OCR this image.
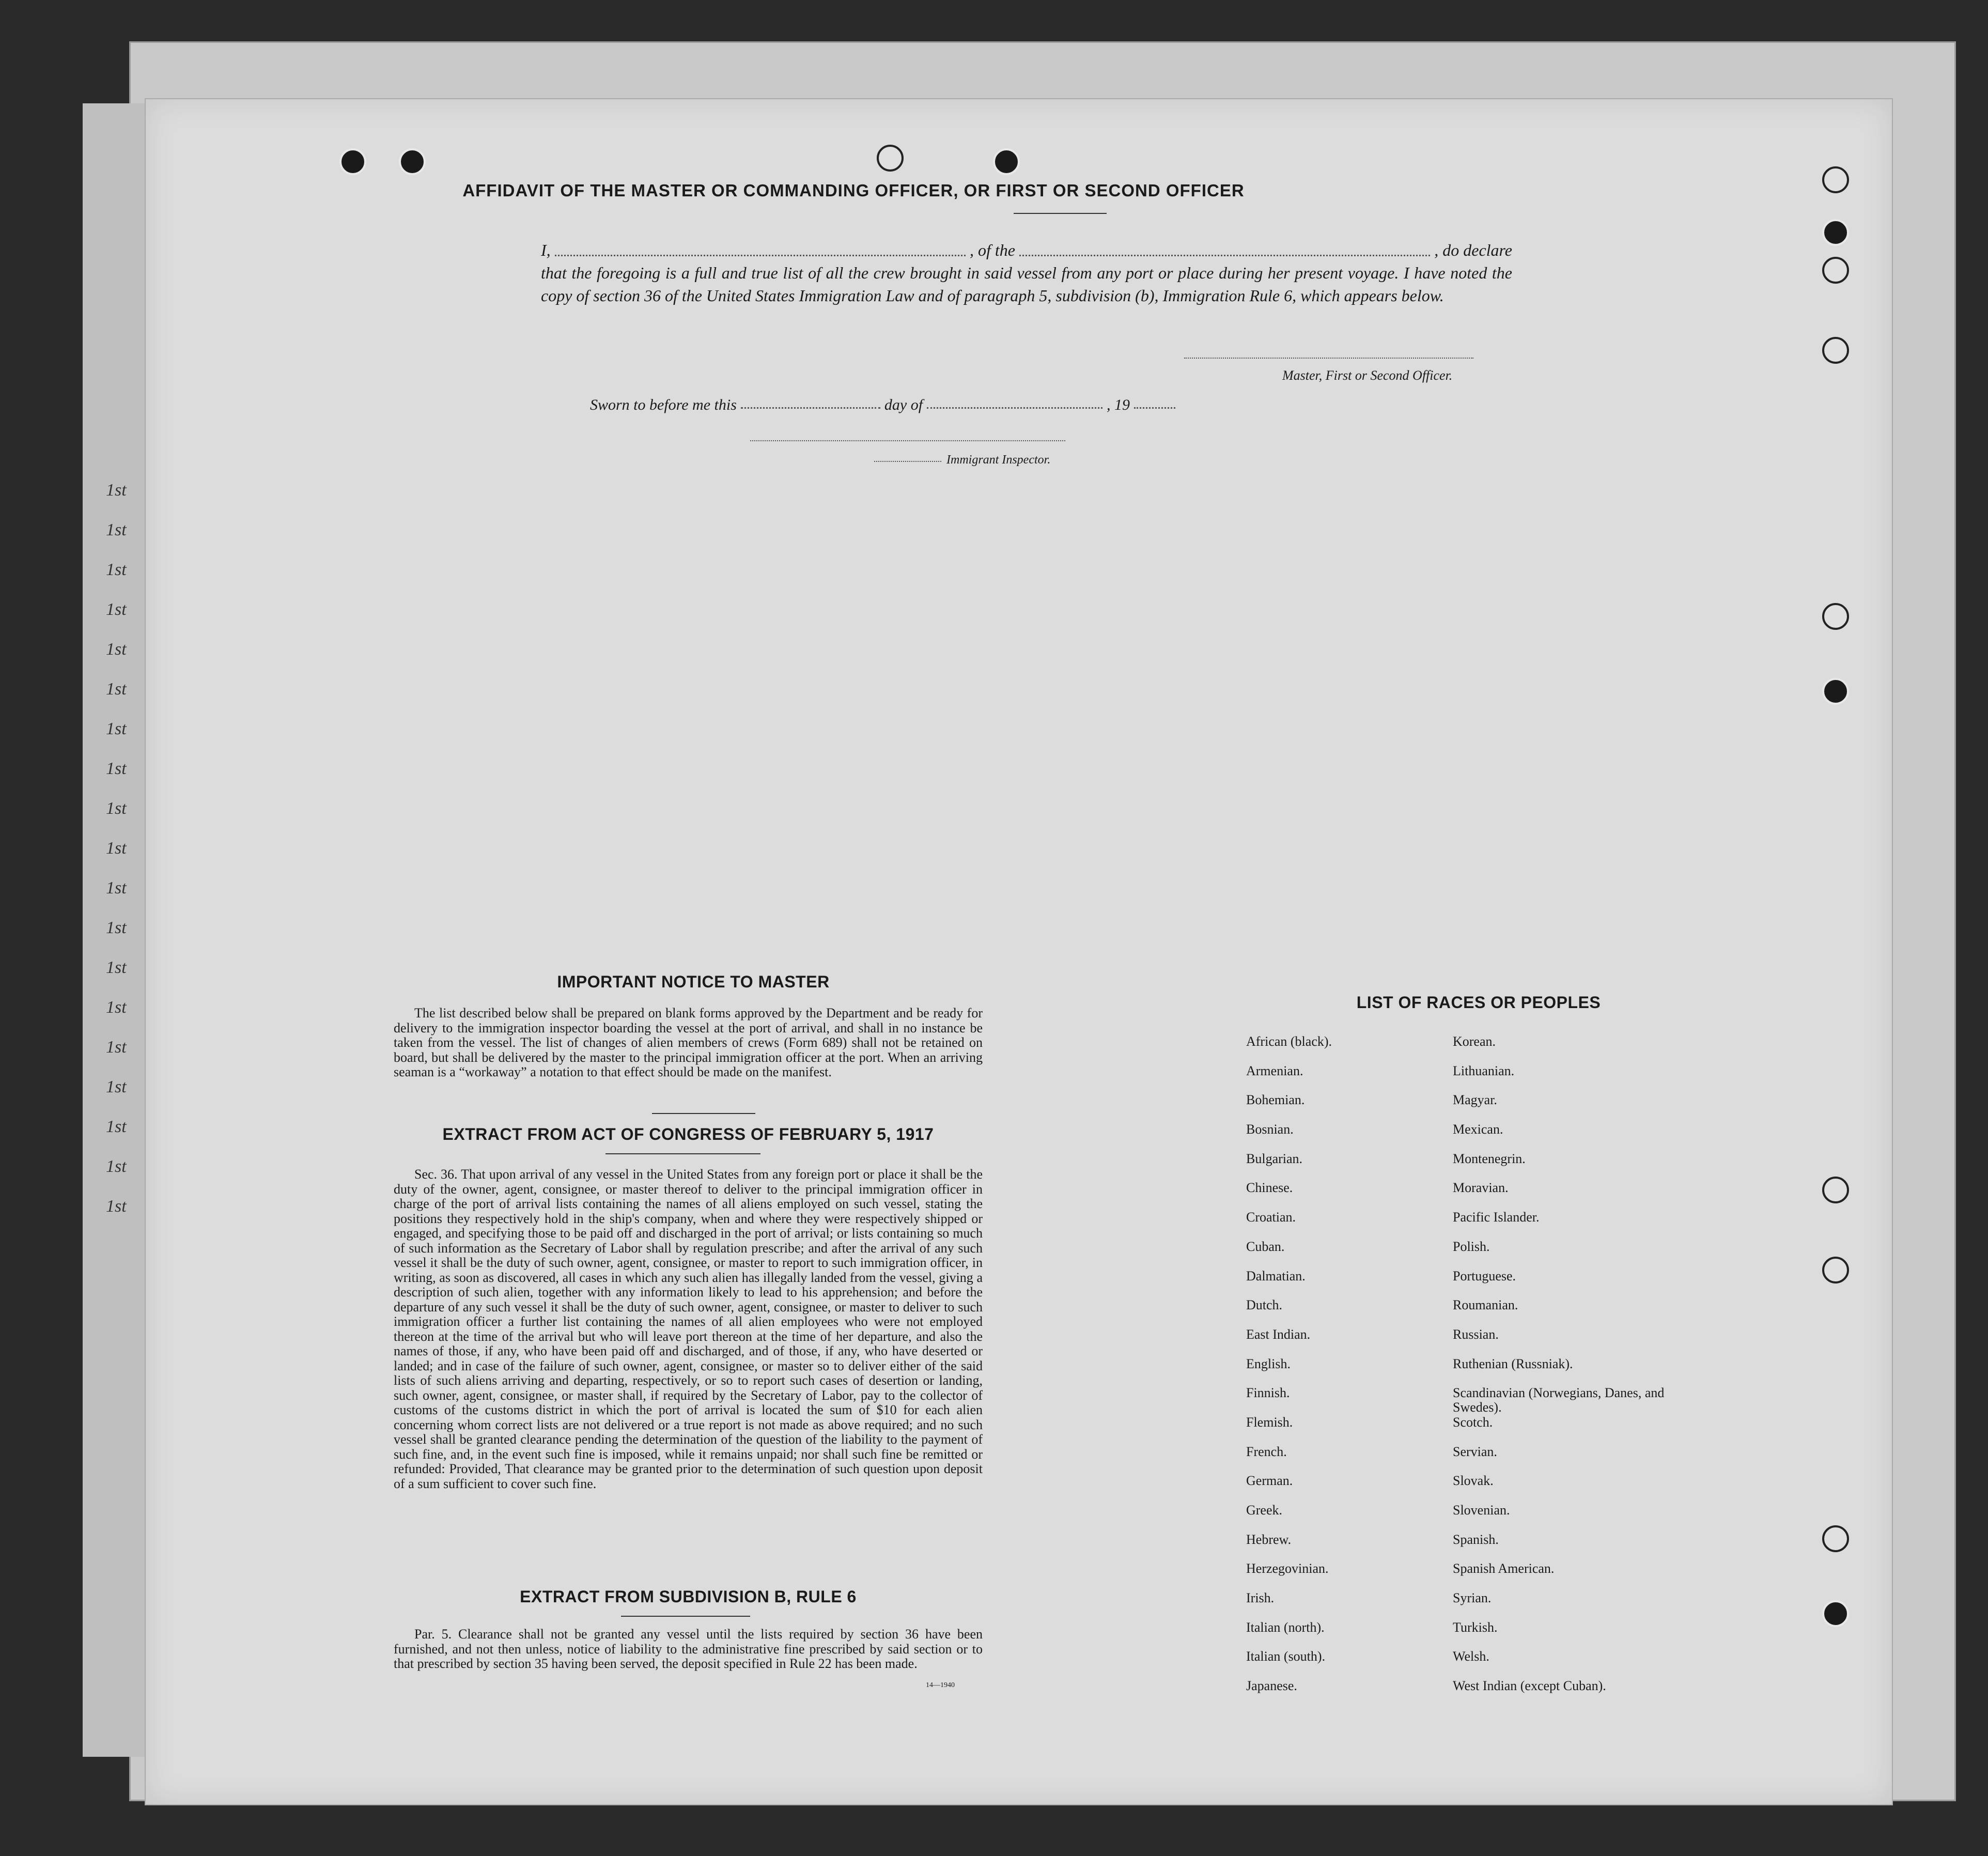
1st
1st
1st
1st
1st
1st
1st
1st
1st
1st
1st
1st
1st
1st
1st
1st
1st
1st
1st
AFFIDAVIT OF THE MASTER OR COMMANDING OFFICER, OR FIRST OR SECOND OFFICER
I,	, of the	, do declare
that the foregoing is a full and true list of all the crew brought in said vessel from any port or place during her present voyage. I have noted the copy of section 36 of the United States Immigration Law and of paragraph 5, subdivision (b), Immigration Rule 6, which appears below.
Master, First or Second Officer.
Sworn to before me this	day of	, 19
Immigrant Inspector.
IMPORTANT NOTICE TO MASTER
The list described below shall be prepared on blank forms approved by the Department and be ready for delivery to the immigration inspector boarding the vessel at the port of arrival, and shall in no instance be taken from the vessel. The list of changes of alien members of crews (Form 689) shall not be retained on board, but shall be delivered by the master to the principal immigration officer at the port. When an arriving seaman is a “workaway” a notation to that effect should be made on the manifest.
EXTRACT FROM ACT OF CONGRESS OF FEBRUARY 5, 1917
Sec. 36. That upon arrival of any vessel in the United States from any foreign port or place it shall be the duty of the owner, agent, consignee, or master thereof to deliver to the principal immigration officer in charge of the port of arrival lists containing the names of all aliens employed on such vessel, stating the positions they respectively hold in the ship's company, when and where they were respectively shipped or engaged, and specifying those to be paid off and discharged in the port of arrival; or lists containing so much of such information as the Secretary of Labor shall by regulation prescribe; and after the arrival of any such vessel it shall be the duty of such owner, agent, consignee, or master to report to such immigration officer, in writing, as soon as discovered, all cases in which any such alien has illegally landed from the vessel, giving a description of such alien, together with any information likely to lead to his apprehension; and before the departure of any such vessel it shall be the duty of such owner, agent, consignee, or master to deliver to such immigration officer a further list containing the names of all alien employees who were not employed thereon at the time of the arrival but who will leave port thereon at the time of her departure, and also the names of those, if any, who have been paid off and discharged, and of those, if any, who have deserted or landed; and in case of the failure of such owner, agent, consignee, or master so to deliver either of the said lists of such aliens arriving and departing, respectively, or so to report such cases of desertion or landing, such owner, agent, consignee, or master shall, if required by the Secretary of Labor, pay to the collector of customs of the customs district in which the port of arrival is located the sum of $10 for each alien concerning whom correct lists are not delivered or a true report is not made as above required; and no such vessel shall be granted clearance pending the determination of the question of the liability to the payment of such fine, and, in the event such fine is imposed, while it remains unpaid; nor shall such fine be remitted or refunded: Provided, That clearance may be granted prior to the determination of such question upon deposit of a sum sufficient to cover such fine.
EXTRACT FROM SUBDIVISION B, RULE 6
Par. 5. Clearance shall not be granted any vessel until the lists required by section 36 have been furnished, and not then unless, notice of liability to the administrative fine prescribed by said section or to that prescribed by section 35 having been served, the deposit specified in Rule 22 has been made.
14—1940
LIST OF RACES OR PEOPLES
African (black).	Korean.
Armenian.	Lithuanian.
Bohemian.	Magyar.
Bosnian.	Mexican.
Bulgarian.	Montenegrin.
Chinese.	Moravian.
Croatian.	Pacific Islander.
Cuban.	Polish.
Dalmatian.	Portuguese.
Dutch.	Roumanian.
East Indian.	Russian.
English.	Ruthenian (Russniak).
Finnish.	Scandinavian (Norwegians, Danes, and Swedes).
Flemish.	Scotch.
French.	Servian.
German.	Slovak.
Greek.	Slovenian.
Hebrew.	Spanish.
Herzegovinian.	Spanish American.
Irish.	Syrian.
Italian (north).	Turkish.
Italian (south).	Welsh.
Japanese.	West Indian (except Cuban).
